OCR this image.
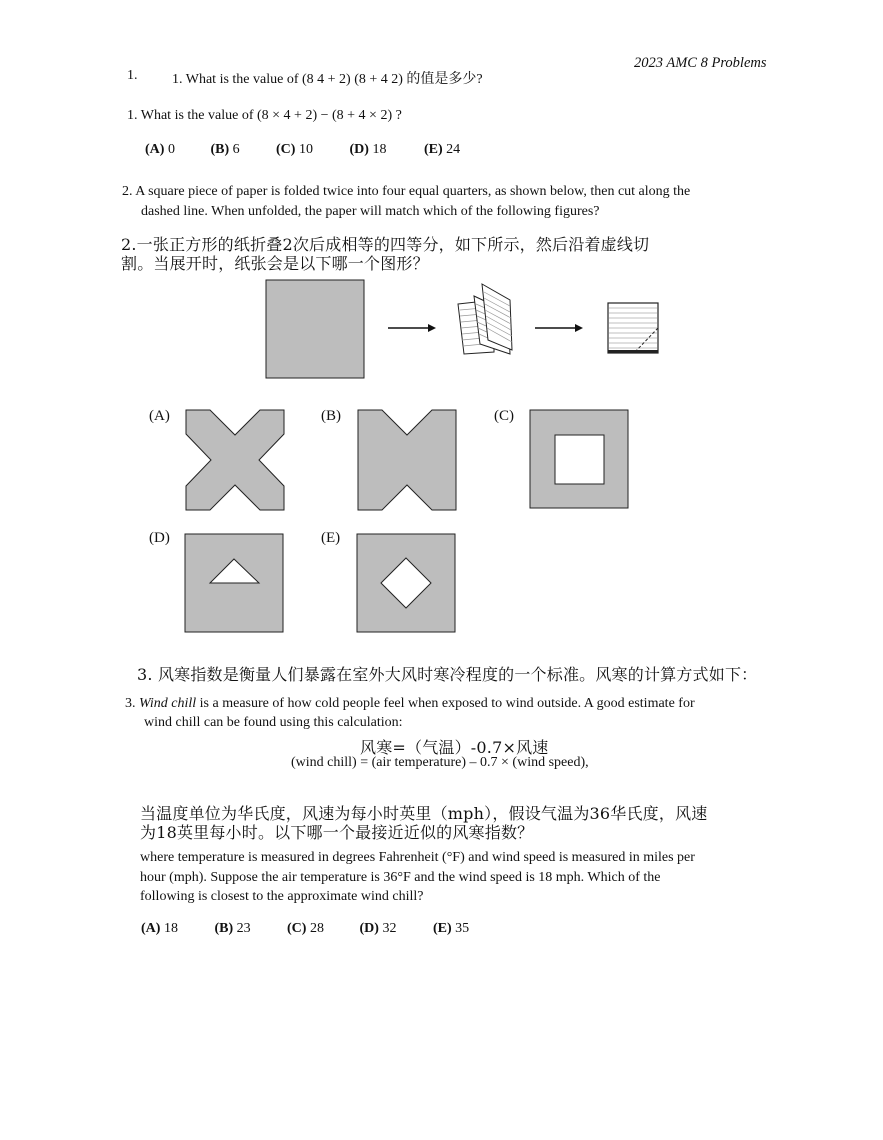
2023 AMC 8 Problems
1. 1. What is the value of (8 4 + 2) (8 + 4 2) 的值是多少?
1. What is the value of (8 × 4 + 2) − (8 + 4 × 2) ?
(A) 0	(B) 6	(C) 10	(D) 18	(E) 24
2. A square piece of paper is folded twice into four equal quarters, as shown below, then cut along the
dashed line. When unfolded, the paper will match which of the following figures?
2.一张正方形的纸折叠2次后成相等的四等分，如下所示，然后沿着虚线切
割。当展开时，纸张会是以下哪一个图形？
(A)	(B)	(C)
(D)	(E)
3. 风寒指数是衡量人们暴露在室外大风时寒冷程度的一个标准。风寒的计算方式如下：
3. Wind chill is a measure of how cold people feel when exposed to wind outside. A good estimate for
wind chill can be found using this calculation:
风寒=（气温）-0.7×风速
(wind chill) = (air temperature) – 0.7 × (wind speed),
当温度单位为华氏度，风速为每小时英里（mph），假设气温为36华氏度，风速
为18英里每小时。以下哪一个最接近近似的风寒指数？
where temperature is measured in degrees Fahrenheit (°F) and wind speed is measured in miles per
hour (mph). Suppose the air temperature is 36°F and the wind speed is 18 mph. Which of the
following is closest to the approximate wind chill?
(A) 18	(B) 23	(C) 28	(D) 32	(E) 35
